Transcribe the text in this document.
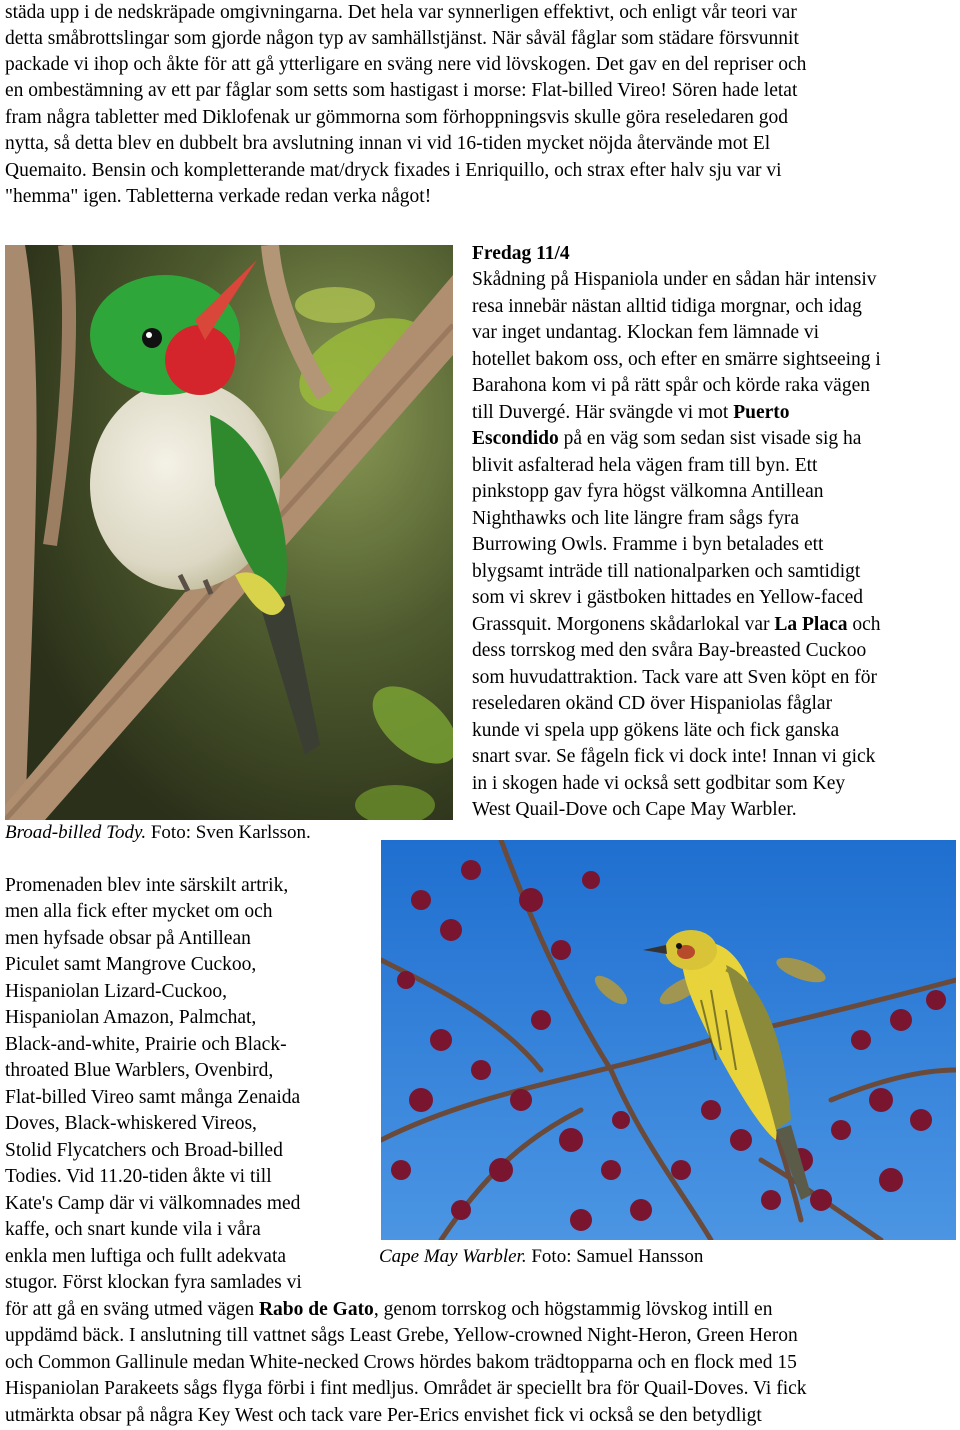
städa upp i de nedskräpade omgivningarna. Det hela var synnerligen effektivt, och enligt vår teori var
detta småbrottslingar som gjorde någon typ av samhällstjänst. När såväl fåglar som städare försvunnit
packade vi ihop och åkte för att gå ytterligare en sväng nere vid lövskogen. Det gav en del repriser och
en ombestämning av ett par fåglar som setts som hastigast i morse: Flat-billed Vireo! Sören hade letat
fram några tabletter med Diklofenak ur gömmorna som förhoppningsvis skulle göra reseledaren god
nytta, så detta blev en dubbelt bra avslutning innan vi vid 16-tiden mycket nöjda återvände mot El
Quemaito. Bensin och kompletterande mat/dryck fixades i Enriquillo, och strax efter halv sju var vi
"hemma" igen. Tabletterna verkade redan verka något!
Fredag 11/4
Skådning på Hispaniola under en sådan här intensiv
resa innebär nästan alltid tidiga morgnar, och idag
var inget undantag. Klockan fem lämnade vi
hotellet bakom oss, och efter en smärre sightseeing i
Barahona kom vi på rätt spår och körde raka vägen
till Duvergé. Här svängde vi mot Puerto
Escondido på en väg som sedan sist visade sig ha
blivit asfalterad hela vägen fram till byn. Ett
pinkstopp gav fyra högst välkomna Antillean
Nighthawks och lite längre fram sågs fyra
Burrowing Owls. Framme i byn betalades ett
blygsamt inträde till nationalparken och samtidigt
som vi skrev i gästboken hittades en Yellow-faced
Grassquit. Morgonens skådarlokal var La Placa och
dess torrskog med den svåra Bay-breasted Cuckoo
som huvudattraktion. Tack vare att Sven köpt en för
reseledaren okänd CD över Hispaniolas fåglar
kunde vi spela upp gökens läte och fick ganska
snart svar. Se fågeln fick vi dock inte! Innan vi gick
in i skogen hade vi också sett godbitar som Key
West Quail-Dove och Cape May Warbler.
Broad-billed Tody. Foto: Sven Karlsson.
Promenaden blev inte särskilt artrik,
men alla fick efter mycket om och
men hyfsade obsar på Antillean
Piculet samt Mangrove Cuckoo,
Hispaniolan Lizard-Cuckoo,
Hispaniolan Amazon, Palmchat,
Black-and-white, Prairie och Black-
throated Blue Warblers, Ovenbird,
Flat-billed Vireo samt många Zenaida
Doves, Black-whiskered Vireos,
Stolid Flycatchers och Broad-billed
Todies. Vid 11.20-tiden åkte vi till
Kate's Camp där vi välkomnades med
kaffe, och snart kunde vila i våra
enkla men luftiga och fullt adekvata
stugor. Först klockan fyra samlades vi
Cape May Warbler. Foto: Samuel Hansson
för att gå en sväng utmed vägen Rabo de Gato, genom torrskog och högstammig lövskog intill en
uppdämd bäck. I anslutning till vattnet sågs Least Grebe, Yellow-crowned Night-Heron, Green Heron
och Common Gallinule medan White-necked Crows hördes bakom trädtopparna och en flock med 15
Hispaniolan Parakeets sågs flyga förbi i fint medljus. Området är speciellt bra för Quail-Doves. Vi fick
utmärkta obsar på några Key West och tack vare Per-Erics envishet fick vi också se den betydligt
